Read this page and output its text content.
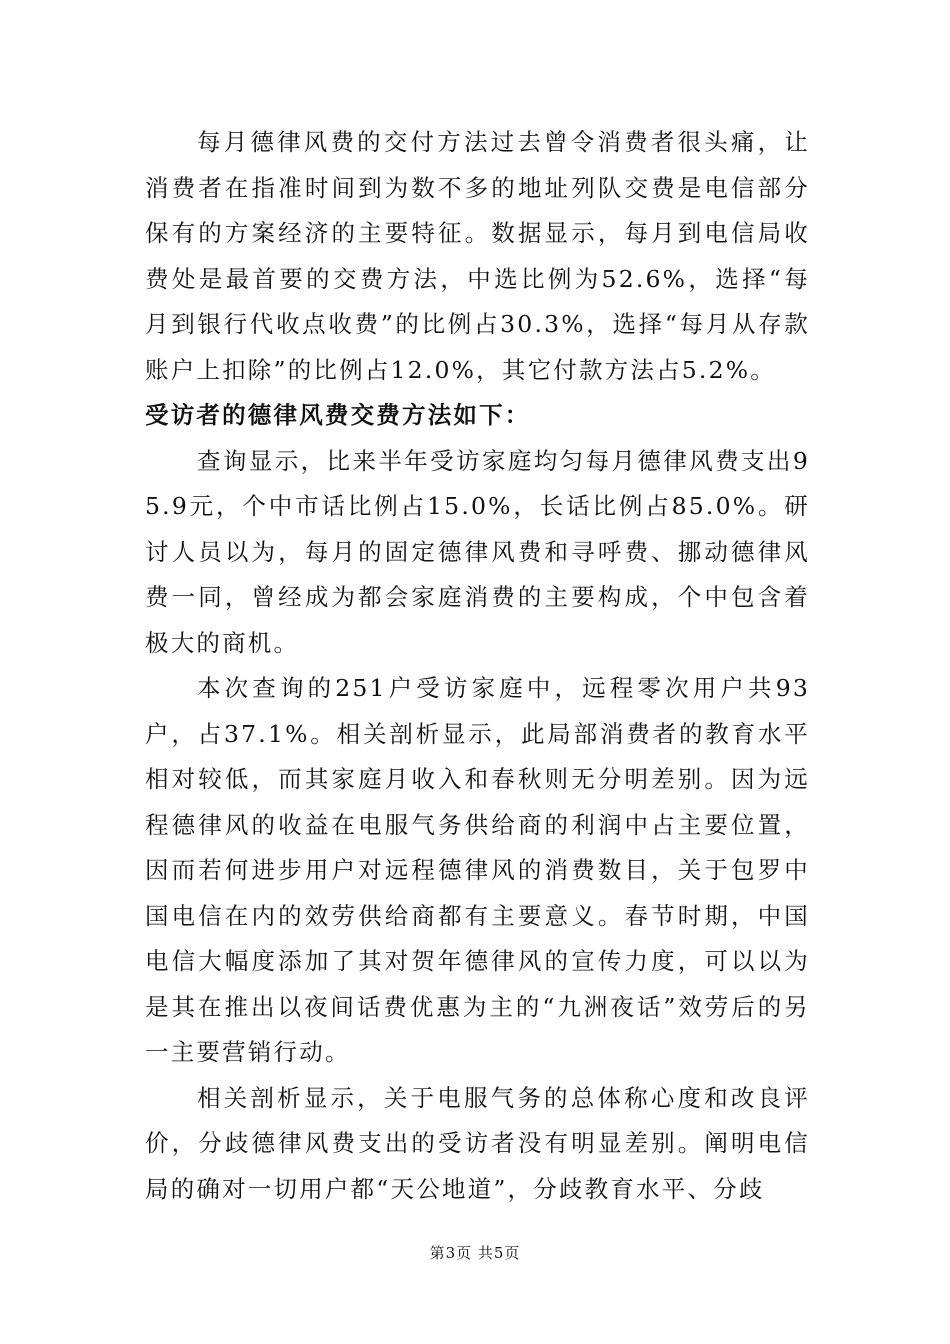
每月德律风费的交付方法过去曾令消费者很头痛，让消费者在指准时间到为数不多的地址列队交费是电信部分保有的方案经济的主要特征。数据显示，每月到电信局收费处是最首要的交费方法，中选比例为52.6%，选择“每月到银行代收点收费”的比例占30.3%，选择“每月从存款账户上扣除”的比例占12.0%，其它付款方法占5.2%。

受访者的德律风费交费方法如下：

查询显示，比来半年受访家庭均匀每月德律风费支出95.9元，个中市话比例占15.0%，长话比例占85.0%。研讨人员以为，每月的固定德律风费和寻呼费、挪动德律风费一同，曾经成为都会家庭消费的主要构成，个中包含着极大的商机。

本次查询的251户受访家庭中，远程零次用户共93户，占37.1%。相关剖析显示，此局部消费者的教育水平相对较低，而其家庭月收入和春秋则无分明差别。因为远程德律风的收益在电服气务供给商的利润中占主要位置，因而若何进步用户对远程德律风的消费数目，关于包罗中国电信在内的效劳供给商都有主要意义。春节时期，中国电信大幅度添加了其对贺年德律风的宣传力度，可以以为是其在推出以夜间话费优惠为主的“九洲夜话”效劳后的另一主要营销行动。

相关剖析显示，关于电服气务的总体称心度和改良评价，分歧德律风费支出的受访者没有明显差别。阐明电信局的确对一切用户都“天公地道”，分歧教育水平、分歧

第3页 共5页
